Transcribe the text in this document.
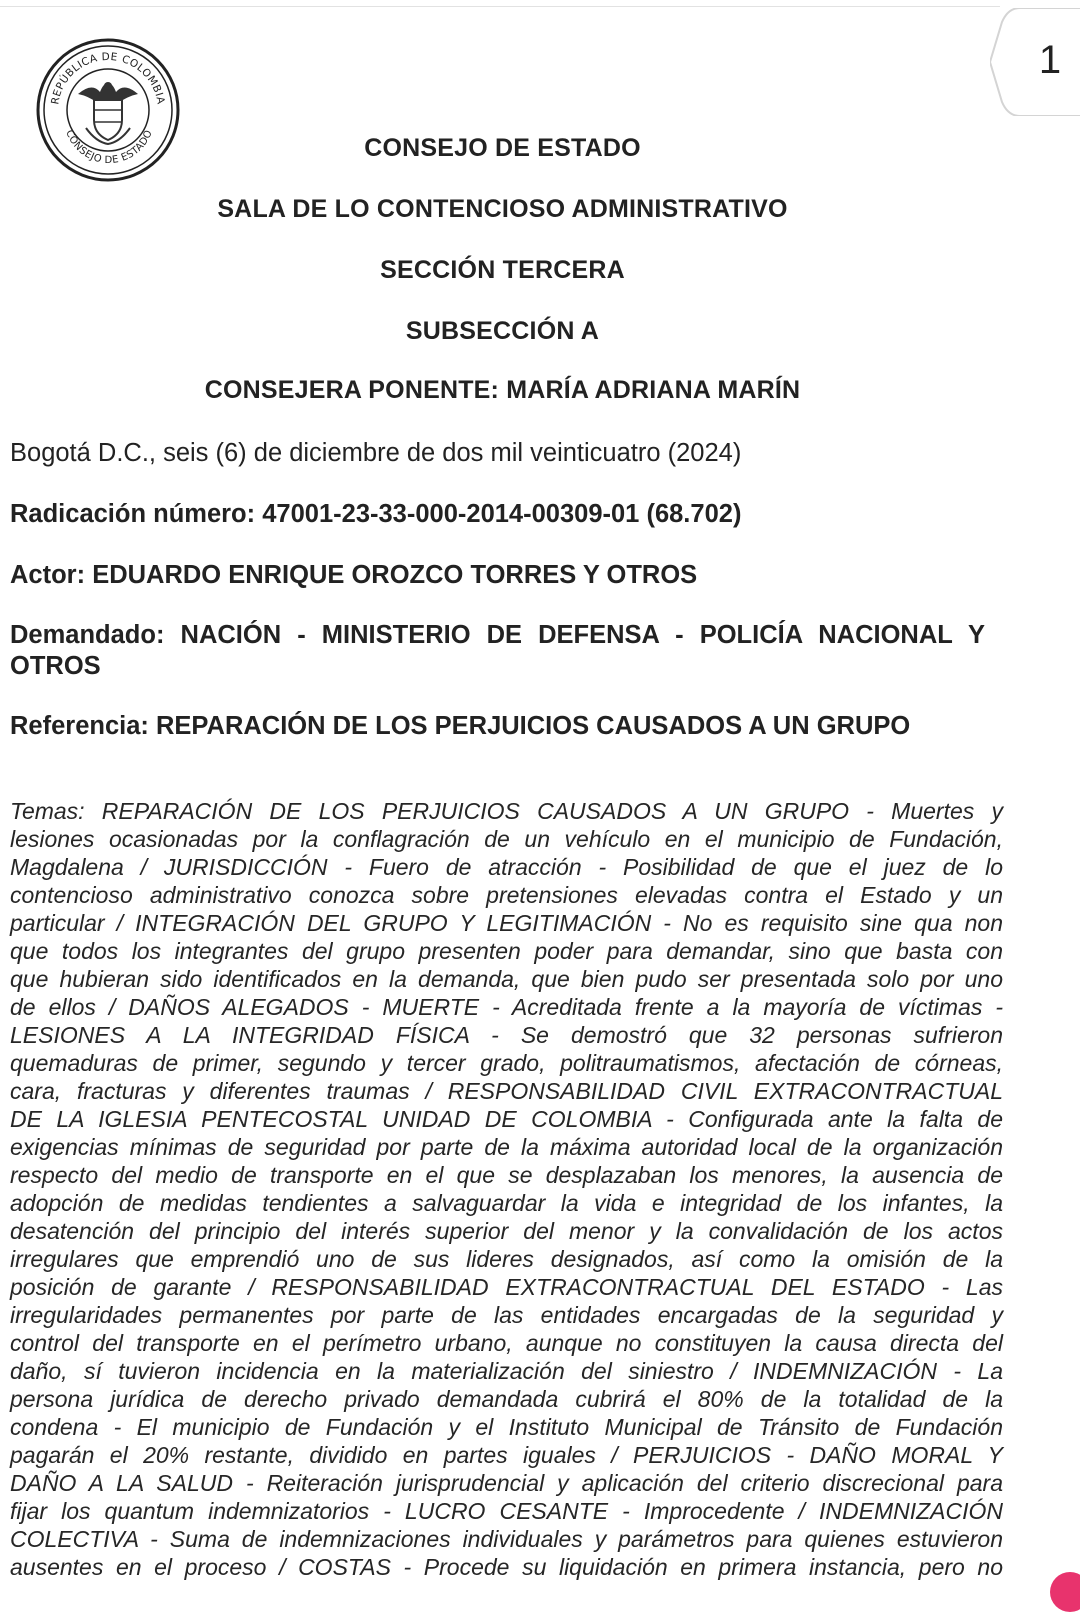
REPÚBLICA DE COLOMBIA
CONSEJO DE ESTADO
1
CONSEJO DE ESTADO
SALA DE LO CONTENCIOSO ADMINISTRATIVO
SECCIÓN TERCERA
SUBSECCIÓN A
CONSEJERA PONENTE: MARÍA ADRIANA MARÍN
Bogotá D.C., seis (6) de diciembre de dos mil veinticuatro (2024)
Radicación número: 47001-23-33-000-2014-00309-01 (68.702)
Actor: EDUARDO ENRIQUE OROZCO TORRES Y OTROS
Demandado: NACIÓN - MINISTERIO DE DEFENSA - POLICÍA NACIONAL Y
OTROS
Referencia: REPARACIÓN DE LOS PERJUICIOS CAUSADOS A UN GRUPO
Temas: REPARACIÓN DE LOS PERJUICIOS CAUSADOS A UN GRUPO - Muertes y
lesiones ocasionadas por la conflagración de un vehículo en el municipio de Fundación,
Magdalena / JURISDICCIÓN - Fuero de atracción - Posibilidad de que el juez de lo
contencioso administrativo conozca sobre pretensiones elevadas contra el Estado y un
particular / INTEGRACIÓN DEL GRUPO Y LEGITIMACIÓN - No es requisito sine qua non
que todos los integrantes del grupo presenten poder para demandar, sino que basta con
que hubieran sido identificados en la demanda, que bien pudo ser presentada solo por uno
de ellos / DAÑOS ALEGADOS - MUERTE - Acreditada frente a la mayoría de víctimas -
LESIONES A LA INTEGRIDAD FÍSICA - Se demostró que 32 personas sufrieron
quemaduras de primer, segundo y tercer grado, politraumatismos, afectación de córneas,
cara, fracturas y diferentes traumas / RESPONSABILIDAD CIVIL EXTRACONTRACTUAL
DE LA IGLESIA PENTECOSTAL UNIDAD DE COLOMBIA - Configurada ante la falta de
exigencias mínimas de seguridad por parte de la máxima autoridad local de la organización
respecto del medio de transporte en el que se desplazaban los menores, la ausencia de
adopción de medidas tendientes a salvaguardar la vida e integridad de los infantes, la
desatención del principio del interés superior del menor y la convalidación de los actos
irregulares que emprendió uno de sus lideres designados, así como la omisión de la
posición de garante / RESPONSABILIDAD EXTRACONTRACTUAL DEL ESTADO - Las
irregularidades permanentes por parte de las entidades encargadas de la seguridad y
control del transporte en el perímetro urbano, aunque no constituyen la causa directa del
daño, sí tuvieron incidencia en la materialización del siniestro / INDEMNIZACIÓN - La
persona jurídica de derecho privado demandada cubrirá el 80% de la totalidad de la
condena - El municipio de Fundación y el Instituto Municipal de Tránsito de Fundación
pagarán el 20% restante, dividido en partes iguales / PERJUICIOS - DAÑO MORAL Y
DAÑO A LA SALUD - Reiteración jurisprudencial y aplicación del criterio discrecional para
fijar los quantum indemnizatorios - LUCRO CESANTE - Improcedente / INDEMNIZACIÓN
COLECTIVA - Suma de indemnizaciones individuales y parámetros para quienes estuvieron
ausentes en el proceso / COSTAS - Procede su liquidación en primera instancia, pero no
